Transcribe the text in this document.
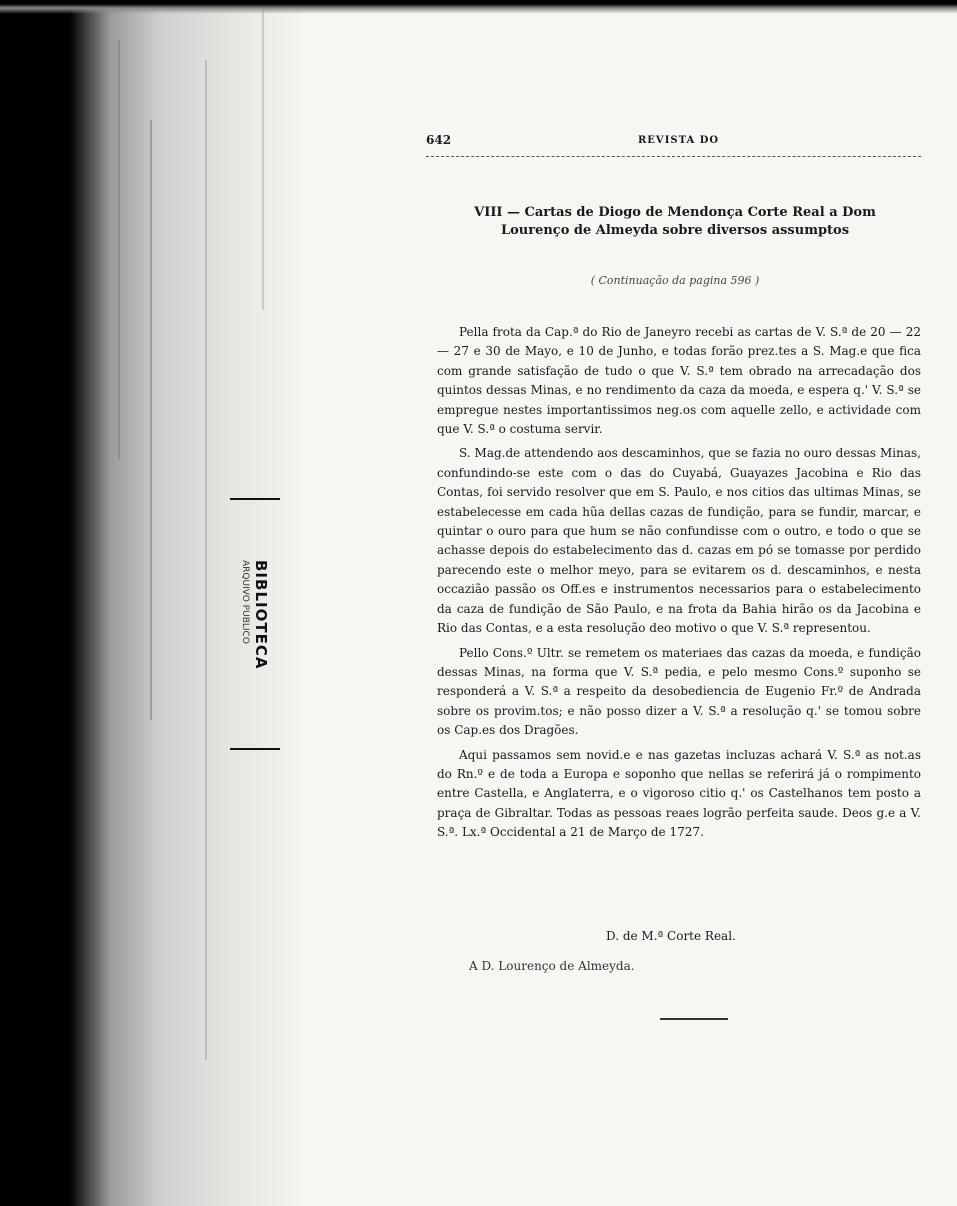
BIBLIOTECA
ARQUIVO PUBLICO
642	REVISTA DO
VIII — Cartas de Diogo de Mendonça Corte Real a Dom
Lourenço de Almeyda sobre diversos assumptos
( Continuação da pagina 596 )

Pella frota da Cap.ª do Rio de Janeyro recebi as cartas de V. S.ª de 20 — 22 — 27 e 30 de Mayo, e 10 de Junho, e todas forão prez.tes a S. Mag.e que fica com grande satisfação de tudo o que V. S.ª tem obrado na arrecadação dos quintos dessas Minas, e no rendimento da caza da moeda, e espera q.' V. S.ª se empregue nestes importantissimos neg.os com aquelle zello, e actividade com que V. S.ª o costuma servir.

S. Mag.de attendendo aos descaminhos, que se fazia no ouro dessas Minas, confundindo-se este com o das do Cuyabá, Guayazes Jacobina e Rio das Contas, foi servido resolver que em S. Paulo, e nos citios das ultimas Minas, se estabelecesse em cada hũa dellas cazas de fundição, para se fundir, marcar, e quintar o ouro para que hum se não confundisse com o outro, e todo o que se achasse depois do estabelecimento das d. cazas em pó se tomasse por perdido parecendo este o melhor meyo, para se evitarem os d. descaminhos, e nesta occazião passão os Off.es e instrumentos necessarios para o estabelecimento da caza de fundição de São Paulo, e na frota da Bahia hirão os da Jacobina e Rio das Contas, e a esta resolução deo motivo o que V. S.ª representou.

Pello Cons.º Ultr. se remetem os materiaes das cazas da moeda, e fundição dessas Minas, na forma que V. S.ª pedia, e pelo mesmo Cons.º suponho se responderá a V. S.ª a respeito da desobediencia de Eugenio Fr.º de Andrada sobre os provim.tos; e não posso dizer a V. S.ª a resolução q.' se tomou sobre os Cap.es dos Dragões.

Aqui passamos sem novid.e e nas gazetas incluzas achará V. S.ª as not.as do Rn.º e de toda a Europa e soponho que nellas se referirá já o rompimento entre Castella, e Anglaterra, e o vigoroso citio q.' os Castelhanos tem posto a praça de Gibraltar. Todas as pessoas reaes logrão perfeita saude. Deos g.e a V. S.ª. Lx.ª Occidental a 21 de Março de 1727.

D. de M.ª Corte Real.
A D. Lourenço de Almeyda.
